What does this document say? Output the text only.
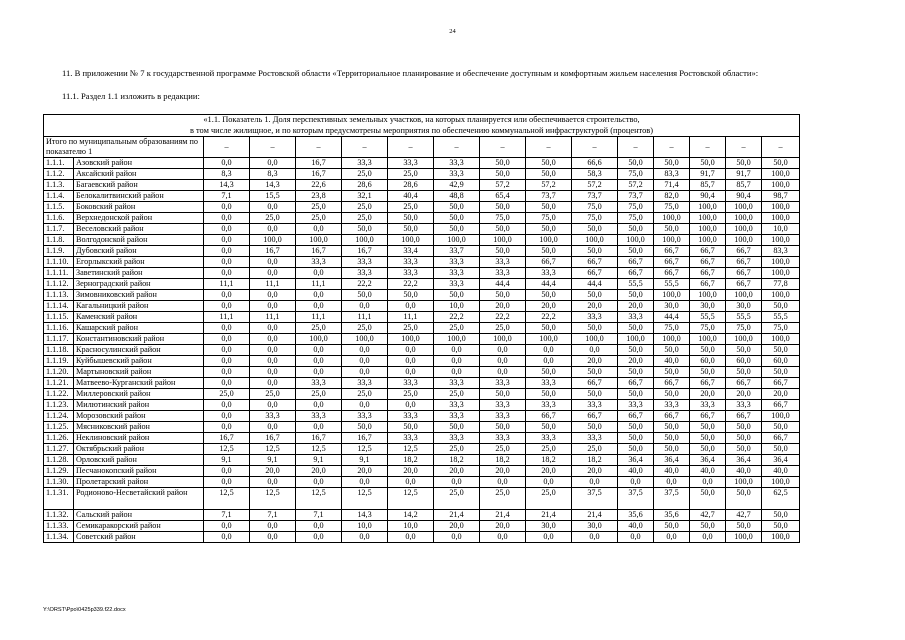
24
11. В приложении № 7 к государственной программе Ростовской области «Территориальное планирование и обеспечение доступным и комфортным жильем населения Ростовской области»:
11.1. Раздел 1.1 изложить в редакции:
«1.1. Показатель 1. Доля перспективных земельных участков, на которых планируется или обеспечивается строительство,
в том числе жилищное, и по которым предусмотрены мероприятия по обеспечению коммунальной инфраструктурой (процентов)															
Итого по муниципальным образованиям по показателю 1		–	–	–	–	–	–	–	–	–	–	–	–	–	–
1.1.1.	Азовский район	0,0	0,0	16,7	33,3	33,3	33,3	50,0	50,0	66,6	50,0	50,0	50,0	50,0	50,0
1.1.2.	Аксайский район	8,3	8,3	16,7	25,0	25,0	33,3	50,0	50,0	58,3	75,0	83,3	91,7	91,7	100,0
1.1.3.	Багаевский район	14,3	14,3	22,6	28,6	28,6	42,9	57,2	57,2	57,2	57,2	71,4	85,7	85,7	100,0
1.1.4.	Белокалитвинский район	7,1	15,5	23,8	32,1	40,4	48,8	65,4	73,7	73,7	73,7	82,0	90,4	90,4	98,7
1.1.5.	Боковский район	0,0	0,0	25,0	25,0	25,0	50,0	50,0	50,0	75,0	75,0	75,0	100,0	100,0	100,0
1.1.6.	Верхнедонской район	0,0	25,0	25,0	25,0	50,0	50,0	75,0	75,0	75,0	75,0	100,0	100,0	100,0	100,0
1.1.7.	Веселовский район	0,0	0,0	0,0	50,0	50,0	50,0	50,0	50,0	50,0	50,0	50,0	100,0	100,0	10,0
1.1.8.	Волгодонской район	0,0	100,0	100,0	100,0	100,0	100,0	100,0	100,0	100,0	100,0	100,0	100,0	100,0	100,0
1.1.9.	Дубовский район	0,0	16,7	16,7	16,7	33,4	33,7	50,0	50,0	50,0	50,0	66,7	66,7	66,7	83,3
1.1.10.	Егорлыкский район	0,0	0,0	33,3	33,3	33,3	33,3	33,3	66,7	66,7	66,7	66,7	66,7	66,7	100,0
1.1.11.	Заветинский район	0,0	0,0	0,0	33,3	33,3	33,3	33,3	33,3	66,7	66,7	66,7	66,7	66,7	100,0
1.1.12.	Зерноградский район	11,1	11,1	11,1	22,2	22,2	33,3	44,4	44,4	44,4	55,5	55,5	66,7	66,7	77,8
1.1.13.	Зимовниковский район	0,0	0,0	0,0	50,0	50,0	50,0	50,0	50,0	50,0	50,0	100,0	100,0	100,0	100,0
1.1.14.	Кагальницкий район	0,0	0,0	0,0	0,0	0,0	10,0	20,0	20,0	20,0	20,0	30,0	30,0	30,0	50,0
1.1.15.	Каменский район	11,1	11,1	11,1	11,1	11,1	22,2	22,2	22,2	33,3	33,3	44,4	55,5	55,5	55,5
1.1.16.	Кашарский район	0,0	0,0	25,0	25,0	25,0	25,0	25,0	50,0	50,0	50,0	75,0	75,0	75,0	75,0
1.1.17.	Константиновский район	0,0	0,0	100,0	100,0	100,0	100,0	100,0	100,0	100,0	100,0	100,0	100,0	100,0	100,0
1.1.18.	Красносулинский район	0,0	0,0	0,0	0,0	0,0	0,0	0,0	0,0	0,0	50,0	50,0	50,0	50,0	50,0
1.1.19.	Куйбышевский район	0,0	0,0	0,0	0,0	0,0	0,0	0,0	0,0	20,0	20,0	40,0	60,0	60,0	60,0
1.1.20.	Мартыновский район	0,0	0,0	0,0	0,0	0,0	0,0	0,0	50,0	50,0	50,0	50,0	50,0	50,0	50,0
1.1.21.	Матвеево-Курганский район	0,0	0,0	33,3	33,3	33,3	33,3	33,3	33,3	66,7	66,7	66,7	66,7	66,7	66,7
1.1.22.	Миллеровский район	25,0	25,0	25,0	25,0	25,0	25,0	50,0	50,0	50,0	50,0	50,0	20,0	20,0	20,0
1.1.23.	Милютинский район	0,0	0,0	0,0	0,0	0,0	33,3	33,3	33,3	33,3	33,3	33,3	33,3	33,3	66,7
1.1.24.	Морозовский район	0,0	33,3	33,3	33,3	33,3	33,3	33,3	66,7	66,7	66,7	66,7	66,7	66,7	100,0
1.1.25.	Мясниковский район	0,0	0,0	0,0	50,0	50,0	50,0	50,0	50,0	50,0	50,0	50,0	50,0	50,0	50,0
1.1.26.	Неклиновский район	16,7	16,7	16,7	16,7	33,3	33,3	33,3	33,3	33,3	50,0	50,0	50,0	50,0	66,7
1.1.27.	Октябрьский район	12,5	12,5	12,5	12,5	12,5	25,0	25,0	25,0	25,0	50,0	50,0	50,0	50,0	50,0
1.1.28.	Орловский район	9,1	9,1	9,1	9,1	18,2	18,2	18,2	18,2	18,2	36,4	36,4	36,4	36,4	36,4
1.1.29.	Песчанокопский район	0,0	20,0	20,0	20,0	20,0	20,0	20,0	20,0	20,0	40,0	40,0	40,0	40,0	40,0
1.1.30.	Пролетарский район	0,0	0,0	0,0	0,0	0,0	0,0	0,0	0,0	0,0	0,0	0,0	0,0	100,0	100,0
1.1.31.	Родионово-Несветайский район	12,5	12,5	12,5	12,5	12,5	25,0	25,0	25,0	37,5	37,5	37,5	50,0	50,0	62,5
1.1.32.	Сальский район	7,1	7,1	7,1	14,3	14,2	21,4	21,4	21,4	21,4	35,6	35,6	42,7	42,7	50,0
1.1.33.	Семикаракорский район	0,0	0,0	0,0	10,0	10,0	20,0	20,0	30,0	30,0	40,0	50,0	50,0	50,0	50,0
1.1.34.	Советский район	0,0	0,0	0,0	0,0	0,0	0,0	0,0	0,0	0,0	0,0	0,0	0,0	100,0	100,0
Y:\ORST\Ppo\0425p339.f22.docx
